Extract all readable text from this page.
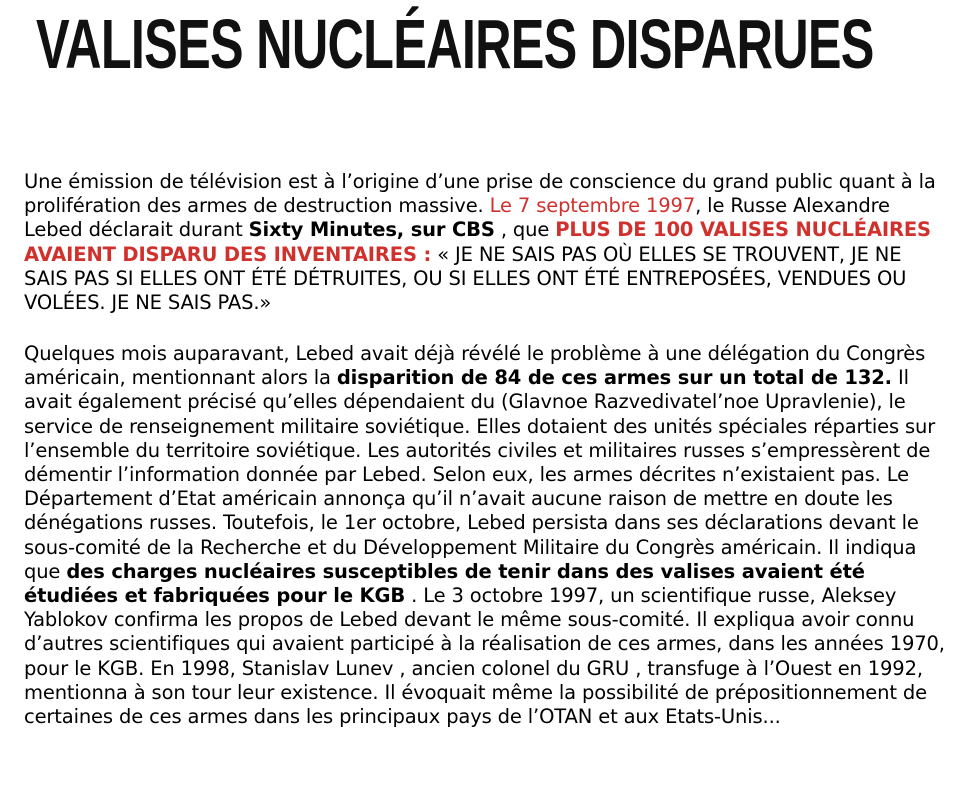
VALISES NUCLÉAIRES DISPARUES

Une émission de télévision est à l’origine d’une prise de conscience du grand public quant à la prolifération des armes de destruction massive. Le 7 septembre 1997, le Russe Alexandre Lebed déclarait durant Sixty Minutes, sur CBS , que PLUS DE 100 VALISES NUCLÉAIRES AVAIENT DISPARU DES INVENTAIRES : « JE NE SAIS PAS OÙ ELLES SE TROUVENT, JE NE SAIS PAS SI ELLES ONT ÉTÉ DÉTRUITES, OU SI ELLES ONT ÉTÉ ENTREPOSÉES, VENDUES OU VOLÉES. JE NE SAIS PAS.»

Quelques mois auparavant, Lebed avait déjà révélé le problème à une délégation du Congrès américain, mentionnant alors la disparition de 84 de ces armes sur un total de 132. Il avait également précisé qu’elles dépendaient du (Glavnoe Razvedivatel’noe Upravlenie), le service de renseignement militaire soviétique. Elles dotaient des unités spéciales réparties sur l’ensemble du territoire soviétique. Les autorités civiles et militaires russes s’empressèrent de démentir l’information donnée par Lebed. Selon eux, les armes décrites n’existaient pas. Le Département d’Etat américain annonça qu’il n’avait aucune raison de mettre en doute les dénégations russes. Toutefois, le 1er octobre, Lebed persista dans ses déclarations devant le sous-comité de la Recherche et du Développement Militaire du Congrès américain. Il indiqua que des charges nucléaires susceptibles de tenir dans des valises avaient été étudiées et fabriquées pour le KGB . Le 3 octobre 1997, un scientifique russe, Aleksey Yablokov confirma les propos de Lebed devant le même sous-comité. Il expliqua avoir connu d’autres scientifiques qui avaient participé à la réalisation de ces armes, dans les années 1970, pour le KGB. En 1998, Stanislav Lunev , ancien colonel du GRU , transfuge à l’Ouest en 1992, mentionna à son tour leur existence. Il évoquait même la possibilité de prépositionnement de certaines de ces armes dans les principaux pays de l’OTAN et aux Etats-Unis...
